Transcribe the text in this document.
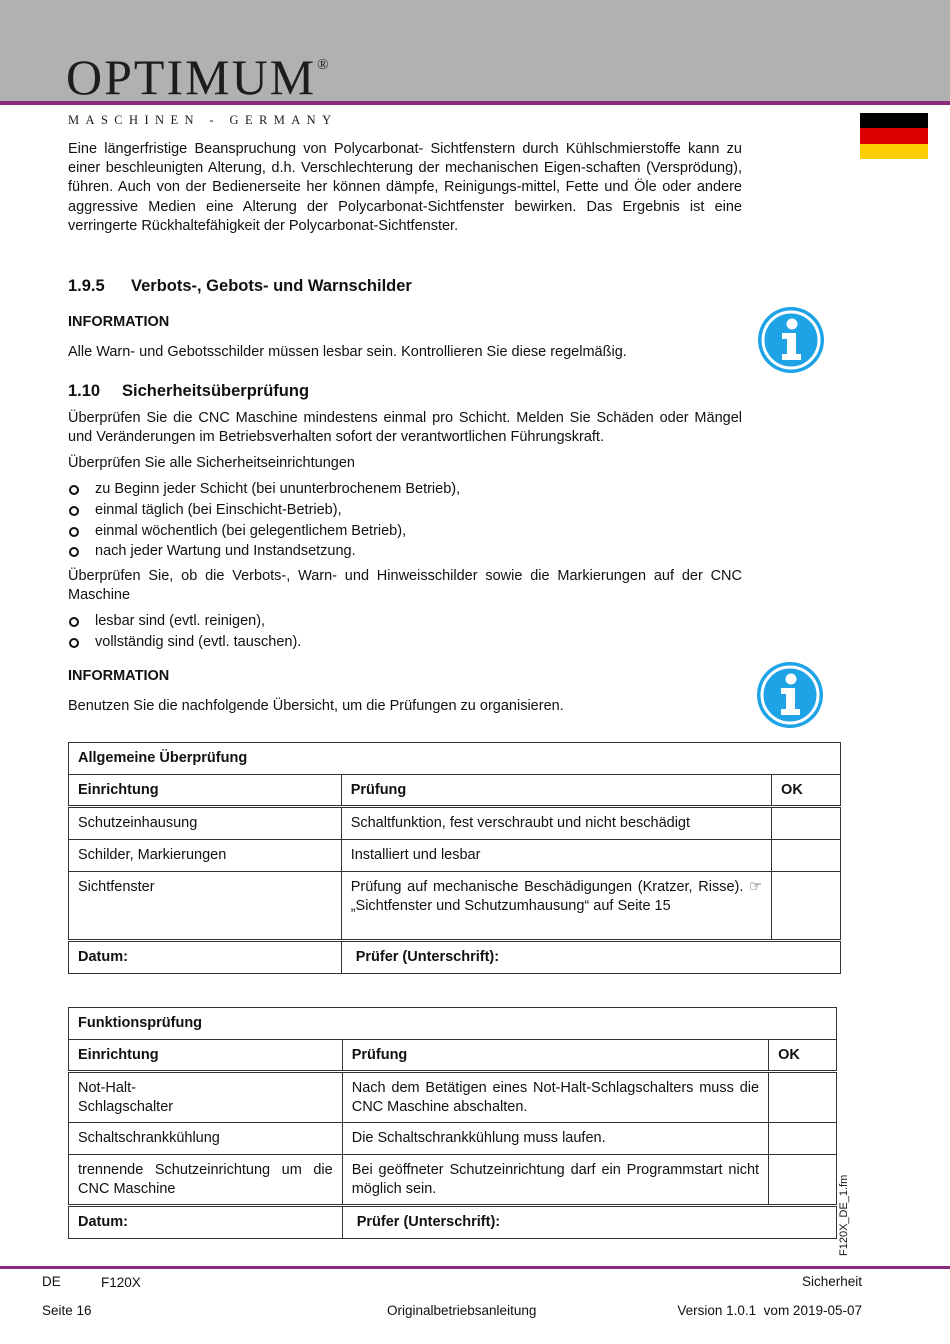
OPTIMUM®
MASCHINEN - GERMANY
Eine längerfristige Beanspruchung von Polycarbonat- Sichtfenstern durch Kühlschmierstoffe kann zu einer beschleunigten Alterung, d.h. Verschlechterung der mechanischen Eigen-schaften (Versprödung), führen. Auch von der Bedienerseite her können dämpfe, Reinigungs-mittel, Fette und Öle oder andere aggressive Medien eine Alterung der Polycarbonat-Sichtfenster bewirken. Das Ergebnis ist eine verringerte Rückhaltefähigkeit der Polycarbonat-Sichtfenster.
1.9.5 Verbots-, Gebots- und Warnschilder
INFORMATION
Alle Warn- und Gebotsschilder müssen lesbar sein. Kontrollieren Sie diese regelmäßig.
1.10 Sicherheitsüberprüfung
Überprüfen Sie die CNC Maschine mindestens einmal pro Schicht. Melden Sie Schäden oder Mängel und Veränderungen im Betriebsverhalten sofort der verantwortlichen Führungskraft.
Überprüfen Sie alle Sicherheitseinrichtungen
zu Beginn jeder Schicht (bei ununterbrochenem Betrieb),
einmal täglich (bei Einschicht-Betrieb),
einmal wöchentlich (bei gelegentlichem Betrieb),
nach jeder Wartung und Instandsetzung.
Überprüfen Sie, ob die Verbots-, Warn- und Hinweisschilder sowie die Markierungen auf der CNC Maschine
lesbar sind (evtl. reinigen),
vollständig sind (evtl. tauschen).
INFORMATION
Benutzen Sie die nachfolgende Übersicht, um die Prüfungen zu organisieren.
Allgemeine Überprüfung		
Einrichtung	Prüfung	OK
Schutzeinhausung	Schaltfunktion, fest verschraubt und nicht beschädigt	
Schilder, Markierungen	Installiert und lesbar	
Sichtfenster	Prüfung auf mechanische Beschädigungen (Kratzer, Risse). ☞ „Sichtfenster und Schutzumhausung“ auf Seite 15	
Datum:	Prüfer (Unterschrift):	
Funktionsprüfung		
Einrichtung	Prüfung	OK
Not-Halt-
Schlagschalter	Nach dem Betätigen eines Not-Halt-Schlagschalters muss die CNC Maschine abschalten.	
Schaltschrankkühlung	Die Schaltschrankkühlung muss laufen.	
trennende Schutzeinrichtung um die CNC Maschine	Bei geöffneter Schutzeinrichtung darf ein Programmstart nicht möglich sein.	
Datum:	Prüfer (Unterschrift):		F120X_DE_1.fm
DE	F120X	Sicherheit
Seite 16	Originalbetriebsanleitung	Version 1.0.1  vom 2019-05-07
